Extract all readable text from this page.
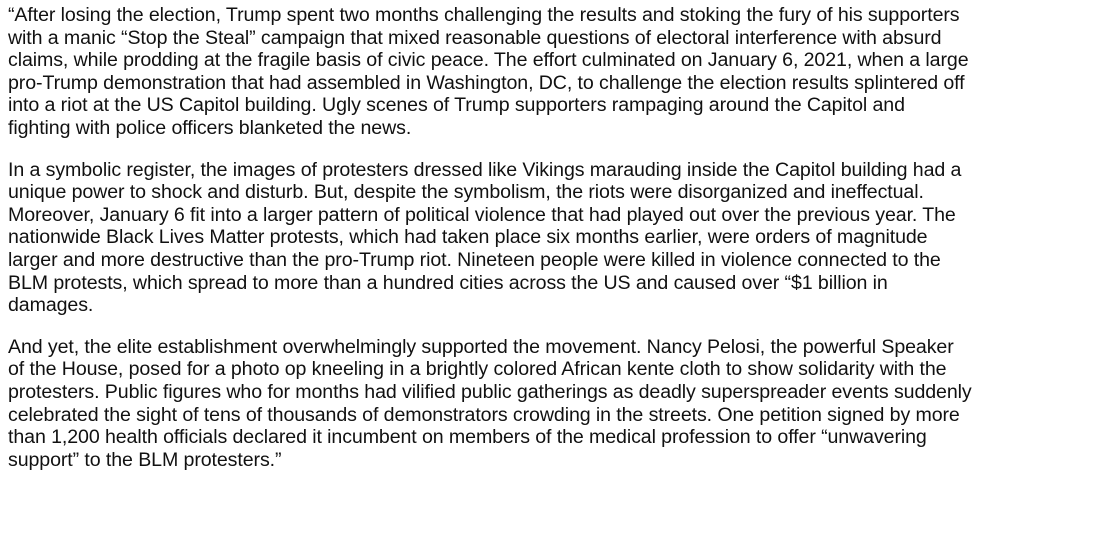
“After losing the election, Trump spent two months challenging the results and stoking the fury of his supporters
with a manic “Stop the Steal” campaign that mixed reasonable questions of electoral interference with absurd
claims, while prodding at the fragile basis of civic peace. The effort culminated on January 6, 2021, when a large
pro-Trump demonstration that had assembled in Washington, DC, to challenge the election results splintered off
into a riot at the US Capitol building. Ugly scenes of Trump supporters rampaging around the Capitol and
fighting with police officers blanketed the news.

In a symbolic register, the images of protesters dressed like Vikings marauding inside the Capitol building had a
unique power to shock and disturb. But, despite the symbolism, the riots were disorganized and ineffectual.
Moreover, January 6 fit into a larger pattern of political violence that had played out over the previous year. The
nationwide Black Lives Matter protests, which had taken place six months earlier, were orders of magnitude
larger and more destructive than the pro-Trump riot. Nineteen people were killed in violence connected to the
BLM protests, which spread to more than a hundred cities across the US and caused over “$1 billion in
damages.

And yet, the elite establishment overwhelmingly supported the movement. Nancy Pelosi, the powerful Speaker
of the House, posed for a photo op kneeling in a brightly colored African kente cloth to show solidarity with the
protesters. Public figures who for months had vilified public gatherings as deadly superspreader events suddenly
celebrated the sight of tens of thousands of demonstrators crowding in the streets. One petition signed by more
than 1,200 health officials declared it incumbent on members of the medical profession to offer “unwavering
support” to the BLM protesters.”
